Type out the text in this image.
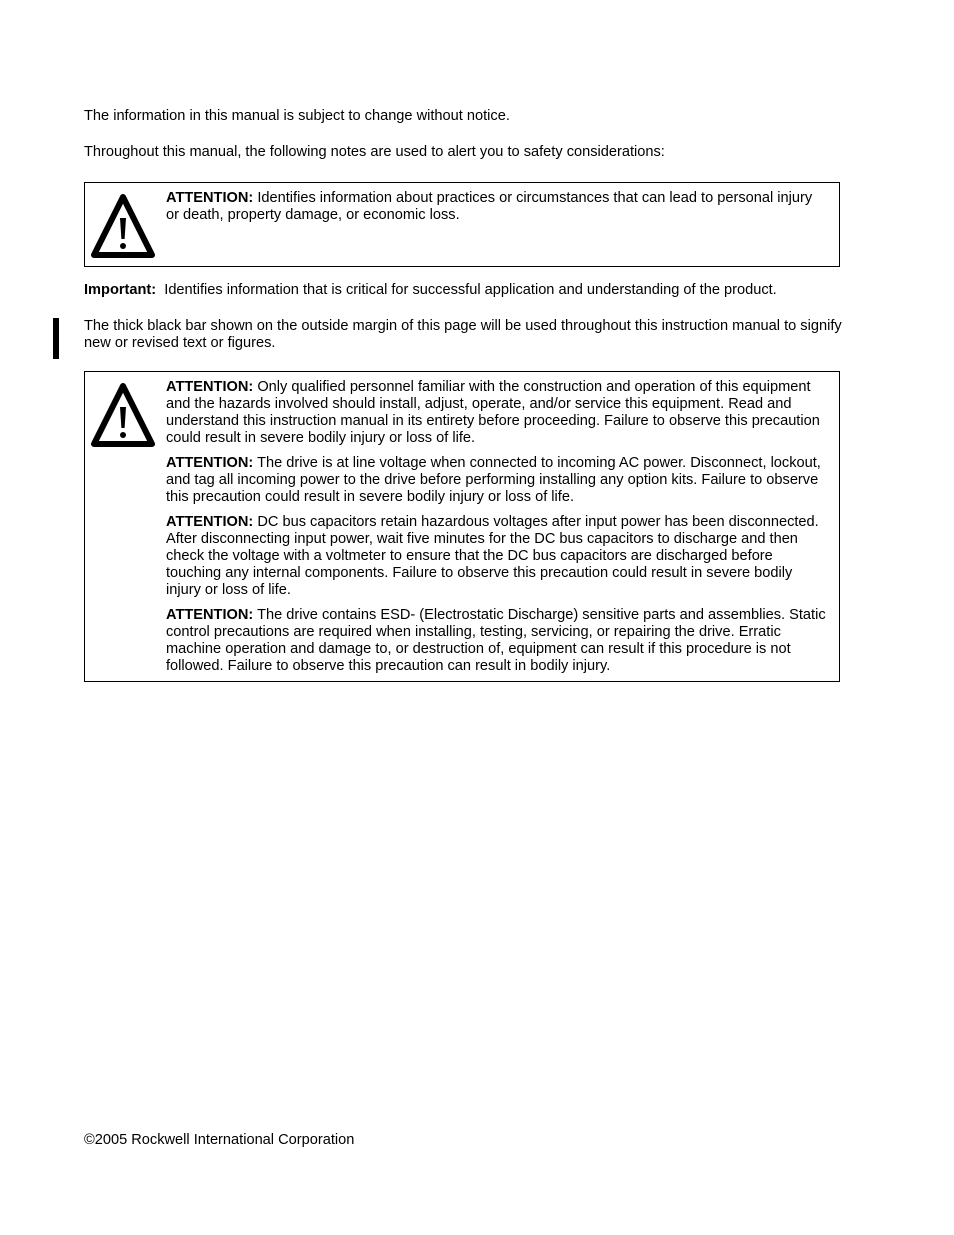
The information in this manual is subject to change without notice.

Throughout this manual, the following notes are used to alert you to safety considerations:

ATTENTION: Identifies information about practices or circumstances that can lead to personal injury or death, property damage, or economic loss.

Important:  Identifies information that is critical for successful application and understanding of the product.

The thick black bar shown on the outside margin of this page will be used throughout this instruction manual to signify new or revised text or figures.

ATTENTION: Only qualified personnel familiar with the construction and operation of this equipment and the hazards involved should install, adjust, operate, and/or service this equipment. Read and understand this instruction manual in its entirety before proceeding. Failure to observe this precaution could result in severe bodily injury or loss of life.

ATTENTION: The drive is at line voltage when connected to incoming AC power. Disconnect, lockout, and tag all incoming power to the drive before performing installing any option kits. Failure to observe this precaution could result in severe bodily injury or loss of life.

ATTENTION: DC bus capacitors retain hazardous voltages after input power has been disconnected. After disconnecting input power, wait five minutes for the DC bus capacitors to discharge and then check the voltage with a voltmeter to ensure that the DC bus capacitors are discharged before touching any internal components. Failure to observe this precaution could result in severe bodily injury or loss of life.

ATTENTION: The drive contains ESD- (Electrostatic Discharge) sensitive parts and assemblies. Static control precautions are required when installing, testing, servicing, or repairing the drive. Erratic machine operation and damage to, or destruction of, equipment can result if this procedure is not followed. Failure to observe this precaution can result in bodily injury.

©2005 Rockwell International Corporation
